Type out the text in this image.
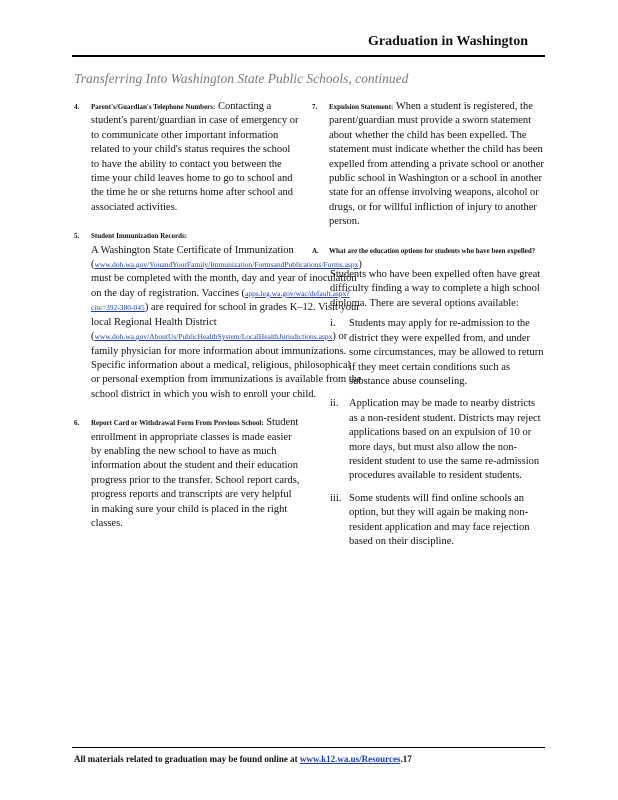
Graduation in Washington
Transferring Into Washington State Public Schools, continued
4.	Parent's/Guardian's Telephone Numbers: Contacting a student's parent/guardian in case of emergency or to communicate other important information related to your child's status requires the school to have the ability to contact you between the time your child leaves home to go to school and the time he or she returns home after school and associated activities.
5.	Student Immunization Records:
A Washington State Certificate of Immunization (www.doh.wa.gov/YouandYourFamily/Immunization/FormsandPublications/Forms.aspx) must be completed with the month, day and year of inoculation on the day of registration. Vaccines (apps.leg.wa.gov/wac/default.aspx?cite=392-380-045) are required for school in grades K–12. Visit your local Regional Health District (www.doh.wa.gov/AboutUs/PublicHealthSystem/LocalHealthJurisdictions.aspx) or family physician for more information about immunizations. Specific information about a medical, religious, philosophical or personal exemption from immunizations is available from the school district in which you wish to enroll your child.
6.	Report Card or Withdrawal Form From Previous School: Student enrollment in appropriate classes is made easier by enabling the new school to have as much information about the student and their education progress prior to the transfer. School report cards, progress reports and transcripts are very helpful in making sure your child is placed in the right classes.
7.	Expulsion Statement: When a student is registered, the parent/guardian must provide a sworn statement about whether the child has been expelled. The statement must indicate whether the child has been expelled from attending a private school or another public school in Washington or a school in another state for an offense involving weapons, alcohol or drugs, or for willful infliction of injury to another person.
A.	What are the education options for students who have been expelled?
Students who have been expelled often have great difficulty finding a way to complete a high school diploma. There are several options available:
i.	Students may apply for re-admission to the district they were expelled from, and under some circumstances, may be allowed to return if they meet certain conditions such as substance abuse counseling.
ii.	Application may be made to nearby districts as a non-resident student. Districts may reject applications based on an expulsion of 10 or more days, but must also allow the non-resident student to use the same re-admission procedures available to resident students.
iii. Some students will find online schools an option, but they will again be making non-resident application and may face rejection based on their discipline.
All materials related to graduation may be found online at www.k12.wa.us/Resources.17
